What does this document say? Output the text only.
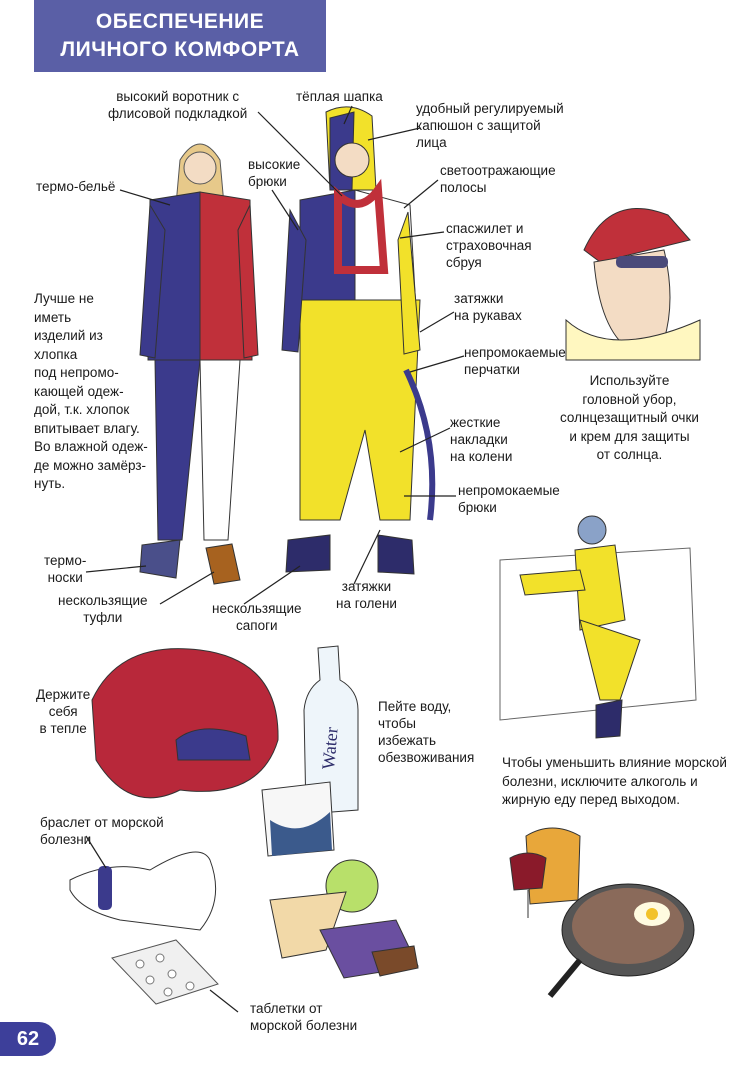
Water
ОБЕСПЕЧЕНИЕ
ЛИЧНОГО КОМФОРТА
высокий воротник с
флисовой подкладкой
тёплая шапка
удобный регулируемый
капюшон с защитой
лица
термо-бельё
высокие
брюки
светоотражающие
полосы
спасжилет и
страховочная
сбруя
Лучше не
иметь
изделий из
хлопка
под непромо-
кающей одеж-
дой, т.к. хлопок
впитывает влагу.
Во влажной одеж-
де можно замёрз-
нуть.
затяжки
на рукавах
непромокаемые
перчатки
Используйте
головной убор,
солнцезащитный очки
и крем для защиты
от солнца.
жесткие
накладки
на колени
непромокаемые
брюки
термо-
носки
нескользящие
туфли
нескользящие
сапоги
затяжки
на голени
Держите
себя
в тепле
Пейте воду,
чтобы
избежать
обезвоживания Чтобы уменьшить влияние морской
болезни, исключите алкоголь и
жирную еду перед выходом.
браслет от морской
болезни
таблетки от
морской болезни
62
